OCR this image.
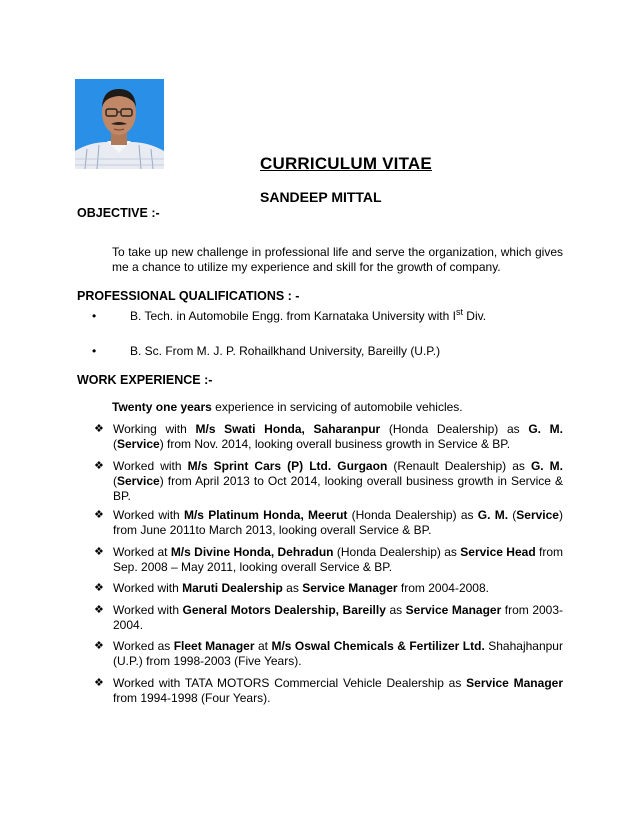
CURRICULUM VITAE
SANDEEP MITTAL
OBJECTIVE :-
To take up new challenge in professional life and serve the organization, which gives me a chance to utilize my experience and skill for the growth of company.
PROFESSIONAL QUALIFICATIONS : -
•	B. Tech. in Automobile Engg. from Karnataka University with Ist Div.
•	B. Sc. From M. J. P. Rohailkhand University, Bareilly (U.P.)
WORK EXPERIENCE :-
Twenty one years experience in servicing of automobile vehicles.
❖ Working with M/s Swati Honda, Saharanpur (Honda Dealership) as G. M. (Service) from Nov. 2014, looking overall business growth in Service & BP.
❖ Worked with M/s Sprint Cars (P) Ltd. Gurgaon (Renault Dealership) as G. M. (Service) from April 2013 to Oct 2014, looking overall business growth in Service & BP.
❖ Worked with M/s Platinum Honda, Meerut (Honda Dealership) as G. M. (Service) from June 2011to March 2013, looking overall Service & BP.
❖ Worked at M/s Divine Honda, Dehradun (Honda Dealership) as Service Head from Sep. 2008 – May 2011, looking overall Service & BP.
❖ Worked with Maruti Dealership as Service Manager from 2004-2008.
❖ Worked with General Motors Dealership, Bareilly as Service Manager from 2003-2004.
❖ Worked as Fleet Manager at M/s Oswal Chemicals & Fertilizer Ltd. Shahajhanpur (U.P.) from 1998-2003 (Five Years).
❖ Worked with TATA MOTORS Commercial Vehicle Dealership as Service Manager from 1994-1998 (Four Years).
